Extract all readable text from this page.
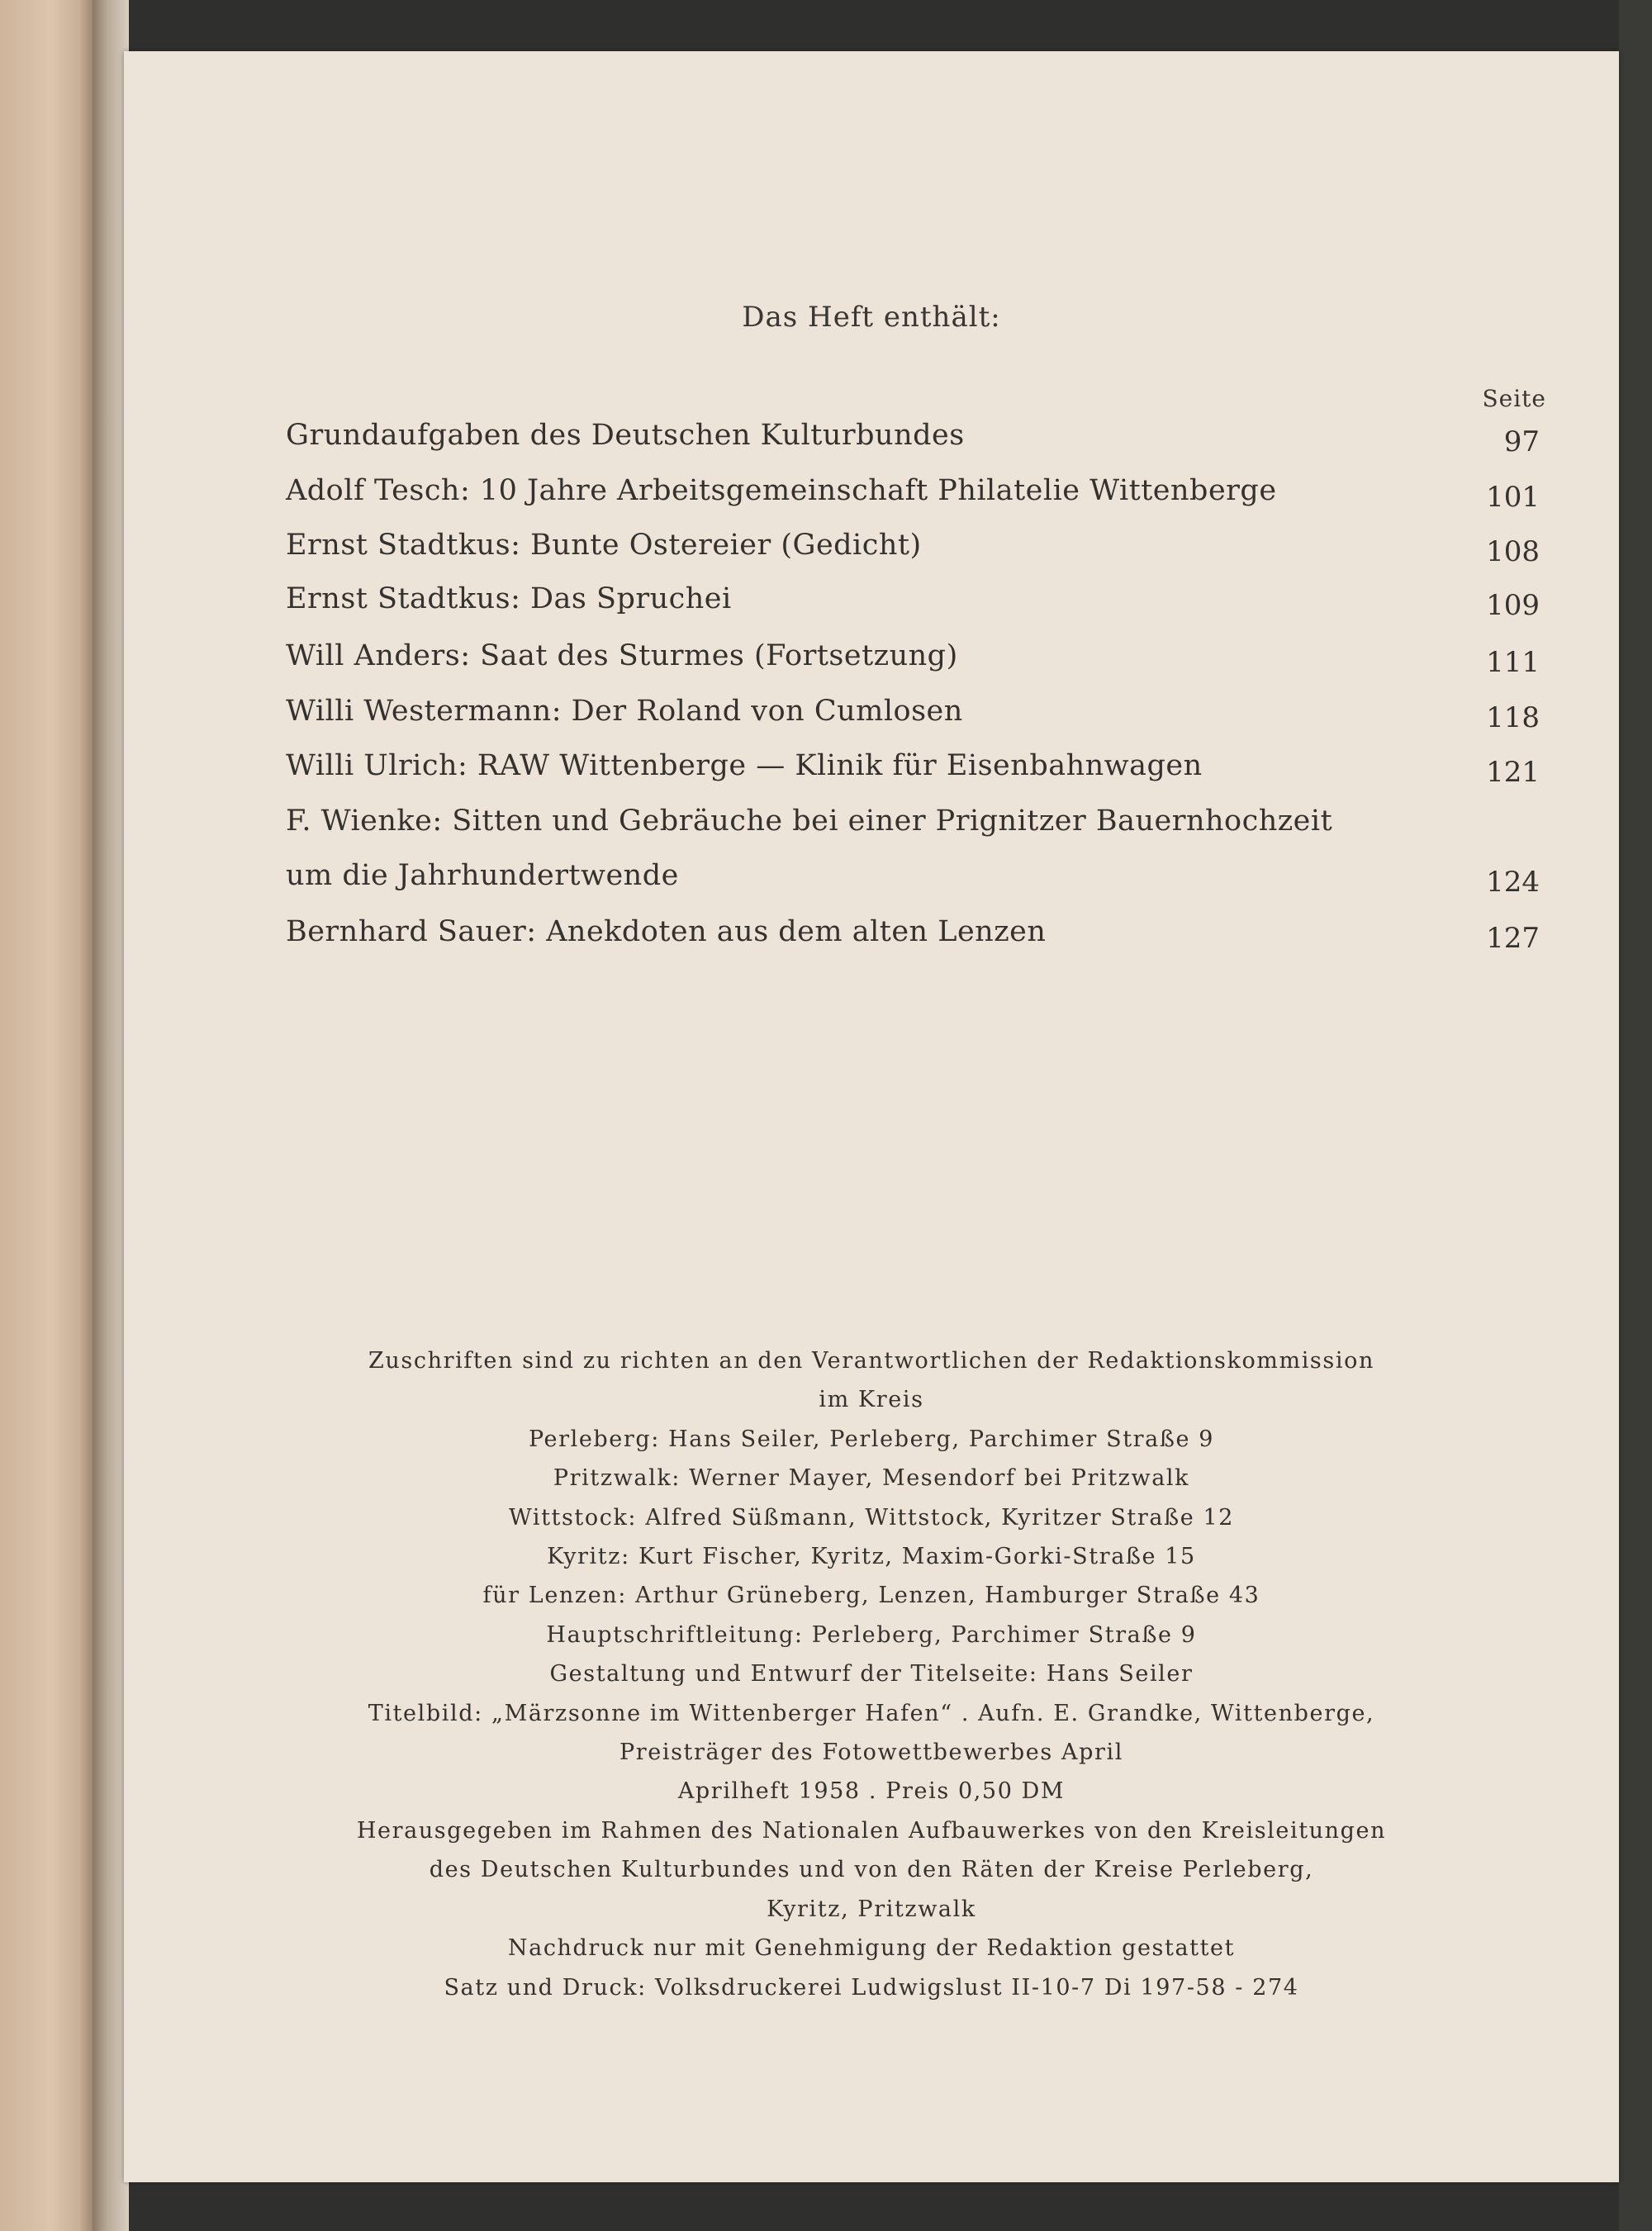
Das Heft enthält:
Seite
Grundaufgaben des Deutschen Kulturbundes	97
Adolf Tesch: 10 Jahre Arbeitsgemeinschaft Philatelie Wittenberge	101
Ernst Stadtkus: Bunte Ostereier (Gedicht)	108
Ernst Stadtkus: Das Spruchei	109
Will Anders: Saat des Sturmes (Fortsetzung)	111
Willi Westermann: Der Roland von Cumlosen	118
Willi Ulrich: RAW Wittenberge — Klinik für Eisenbahnwagen	121
F. Wienke: Sitten und Gebräuche bei einer Prignitzer Bauernhochzeit
um die Jahrhundertwende	124
Bernhard Sauer: Anekdoten aus dem alten Lenzen	127
Zuschriften sind zu richten an den Verantwortlichen der Redaktionskommission
im Kreis
Perleberg: Hans Seiler, Perleberg, Parchimer Straße 9
Pritzwalk: Werner Mayer, Mesendorf bei Pritzwalk
Wittstock: Alfred Süßmann, Wittstock, Kyritzer Straße 12
Kyritz: Kurt Fischer, Kyritz, Maxim-Gorki-Straße 15
für Lenzen: Arthur Grüneberg, Lenzen, Hamburger Straße 43
Hauptschriftleitung: Perleberg, Parchimer Straße 9
Gestaltung und Entwurf der Titelseite: Hans Seiler
Titelbild: „Märzsonne im Wittenberger Hafen“ . Aufn. E. Grandke, Wittenberge,
Preisträger des Fotowettbewerbes April
Aprilheft 1958 . Preis 0,50 DM
Herausgegeben im Rahmen des Nationalen Aufbauwerkes von den Kreisleitungen
des Deutschen Kulturbundes und von den Räten der Kreise Perleberg,
Kyritz, Pritzwalk
Nachdruck nur mit Genehmigung der Redaktion gestattet
Satz und Druck: Volksdruckerei Ludwigslust II-10-7 Di 197-58 - 274
